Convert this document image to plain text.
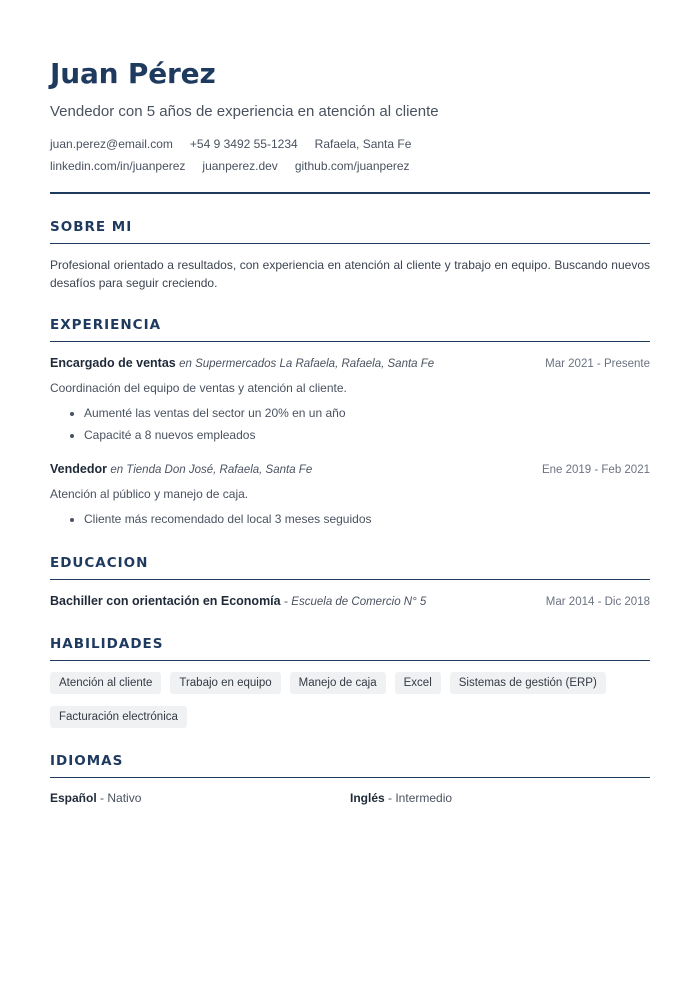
Juan Pérez
Vendedor con 5 años de experiencia en atención al cliente
juan.perez@email.com +54 9 3492 55-1234 Rafaela, Santa Fe
linkedin.com/in/juanperez juanperez.dev github.com/juanperez
SOBRE MI
Profesional orientado a resultados, con experiencia en atención al cliente y trabajo en equipo. Buscando nuevos desafíos para seguir creciendo.
EXPERIENCIA
Encargado de ventas en Supermercados La Rafaela, Rafaela, Santa Fe	Mar 2021 - Presente
Coordinación del equipo de ventas y atención al cliente.
• Aumenté las ventas del sector un 20% en un año
• Capacité a 8 nuevos empleados
Vendedor en Tienda Don José, Rafaela, Santa Fe	Ene 2019 - Feb 2021
Atención al público y manejo de caja.
• Cliente más recomendado del local 3 meses seguidos
EDUCACION
Bachiller con orientación en Economía - Escuela de Comercio N° 5	Mar 2014 - Dic 2018
HABILIDADES
Atención al cliente	Trabajo en equipo	Manejo de caja	Excel	Sistemas de gestión (ERP)
Facturación electrónica
IDIOMAS
Español - Nativo	Inglés - Intermedio
